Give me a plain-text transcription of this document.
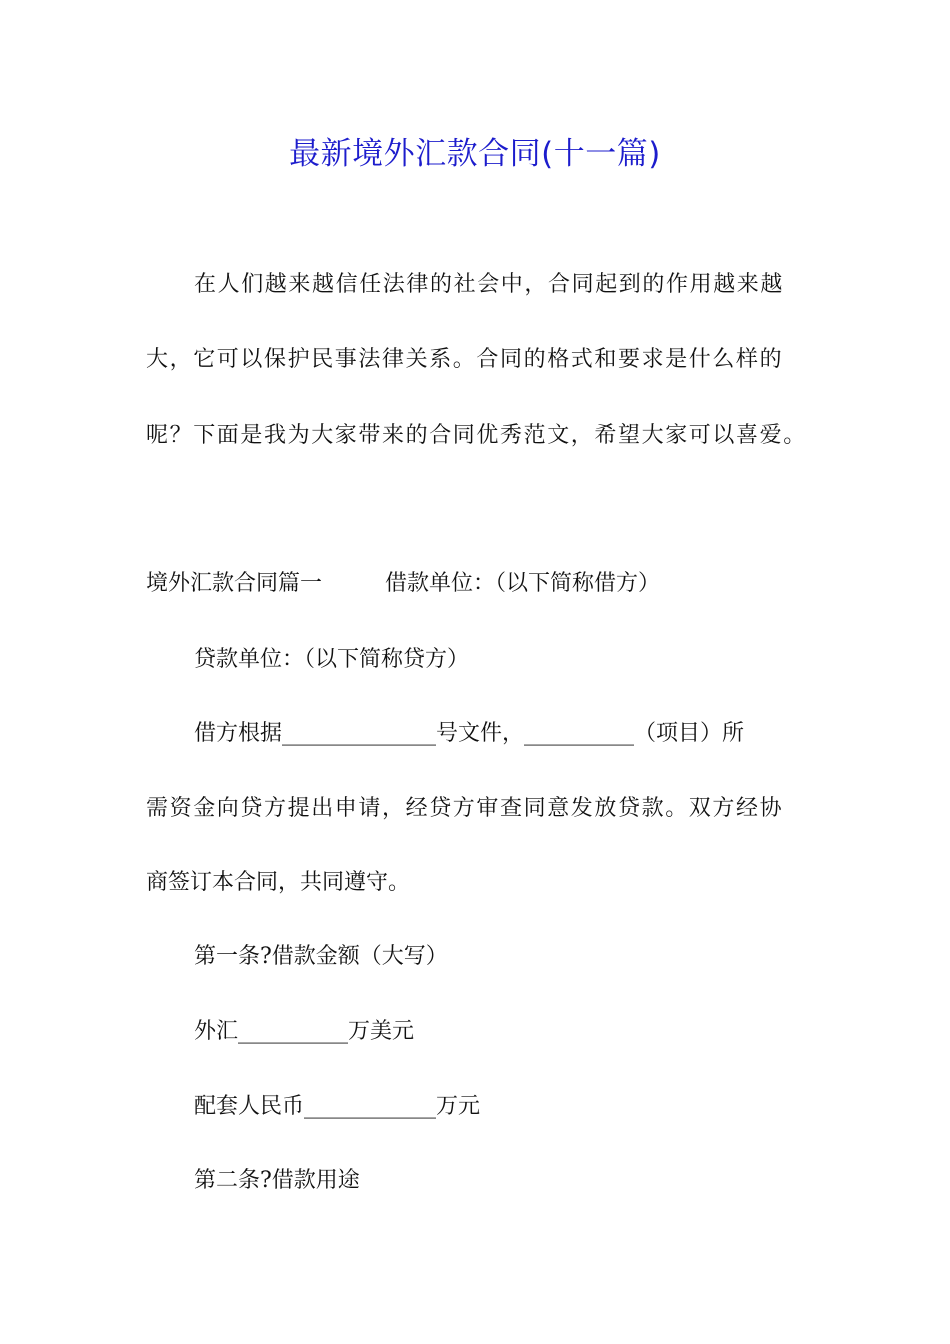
最新境外汇款合同(十一篇)
在人们越来越信任法律的社会中，合同起到的作用越来越
大，它可以保护民事法律关系。合同的格式和要求是什么样的
呢？下面是我为大家带来的合同优秀范文，希望大家可以喜爱。
境外汇款合同篇一	借款单位：（以下简称借方）
贷款单位：（以下简称贷方）
借方根据______________号文件，__________（项目）所
需资金向贷方提出申请，经贷方审查同意发放贷款。双方经协
商签订本合同，共同遵守。
第一条?借款金额（大写）
外汇__________万美元
配套人民币____________万元
第二条?借款用途
